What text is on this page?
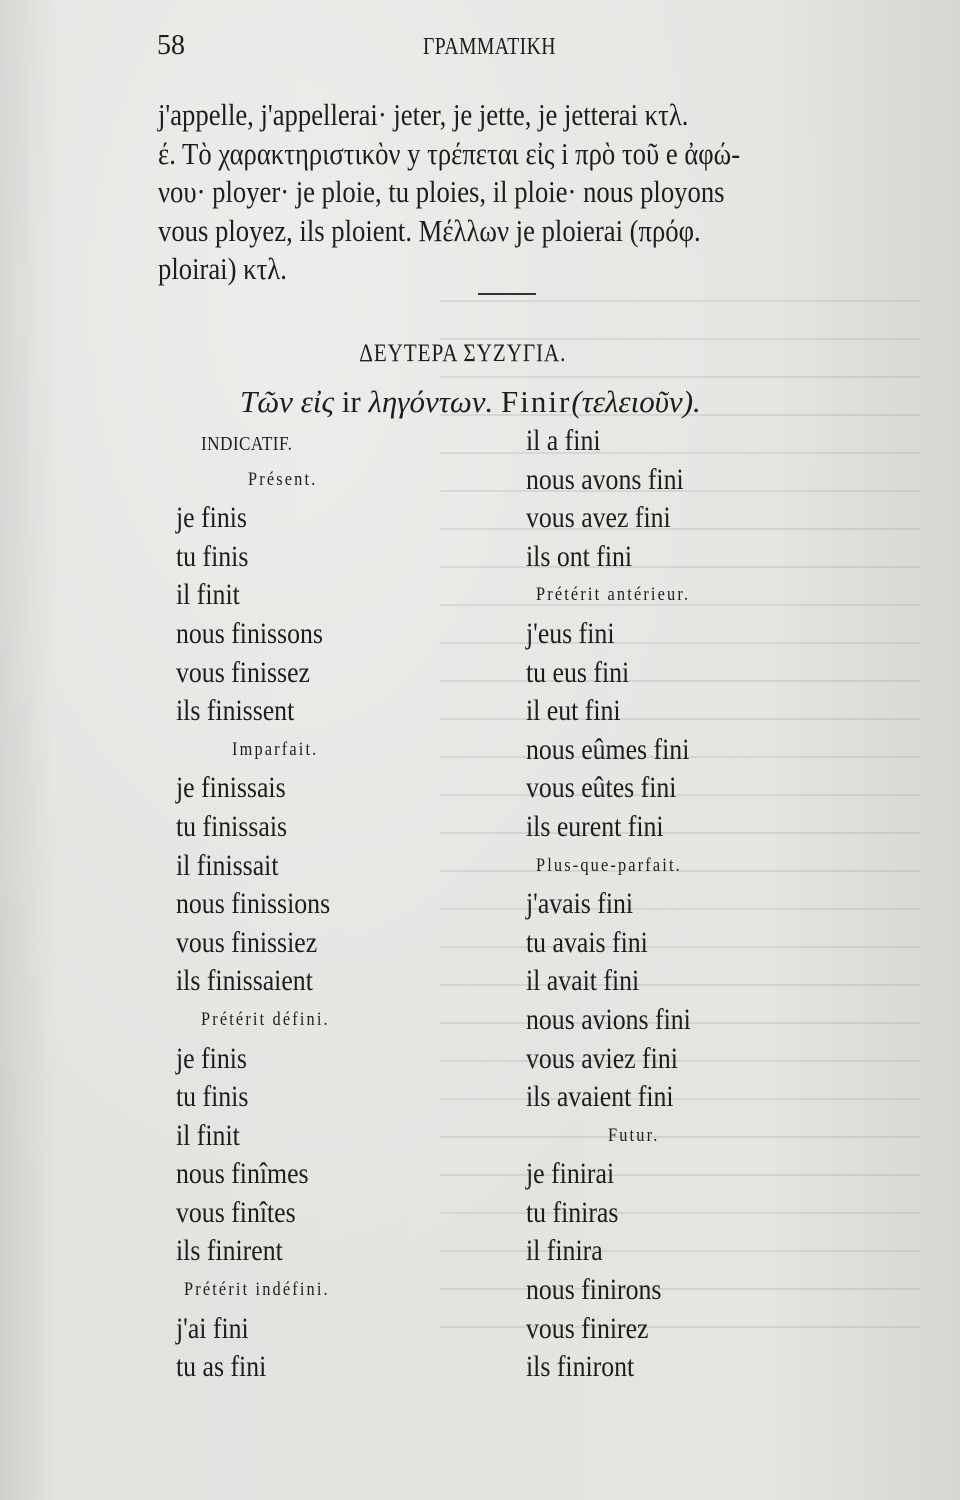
58	ΓΡΑΜΜΑΤΙΚΗ
j'appelle, j'appellerai· jeter, je jette, je jetterai κτλ.
έ. Τὸ χαρακτηριστικὸν y τρέπεται εἰς i πρὸ τοῦ e ἀφώ-
νου· ployer· je ploie, tu ploies, il ploie· nous ployons
vous ployez, ils ploient. Μέλλων je ploierai (πρόφ.
ploirai) κτλ.
ΔΕΥΤΕΡΑ ΣΥΖΥΓΙΑ.
Τῶν εἰς ir ληγόντων. Finir(τελειοῦν).
INDICATIF.
Présent.
je finis
tu finis
il finit
nous finissons
vous finissez
ils finissent
Imparfait.
je finissais
tu finissais
il finissait
nous finissions
vous finissiez
ils finissaient
Prétérit défini.
je finis
tu finis
il finit
nous finîmes
vous finîtes
ils finirent
Prétérit indéfini.
j'ai fini
tu as fini
il a fini
nous avons fini
vous avez fini
ils ont fini
Prétérit antérieur.
j'eus fini
tu eus fini
il eut fini
nous eûmes fini
vous eûtes fini
ils eurent fini
Plus-que-parfait.
j'avais fini
tu avais fini
il avait fini
nous avions fini
vous aviez fini
ils avaient fini
Futur.
je finirai
tu finiras
il finira
nous finirons
vous finirez
ils finiront
